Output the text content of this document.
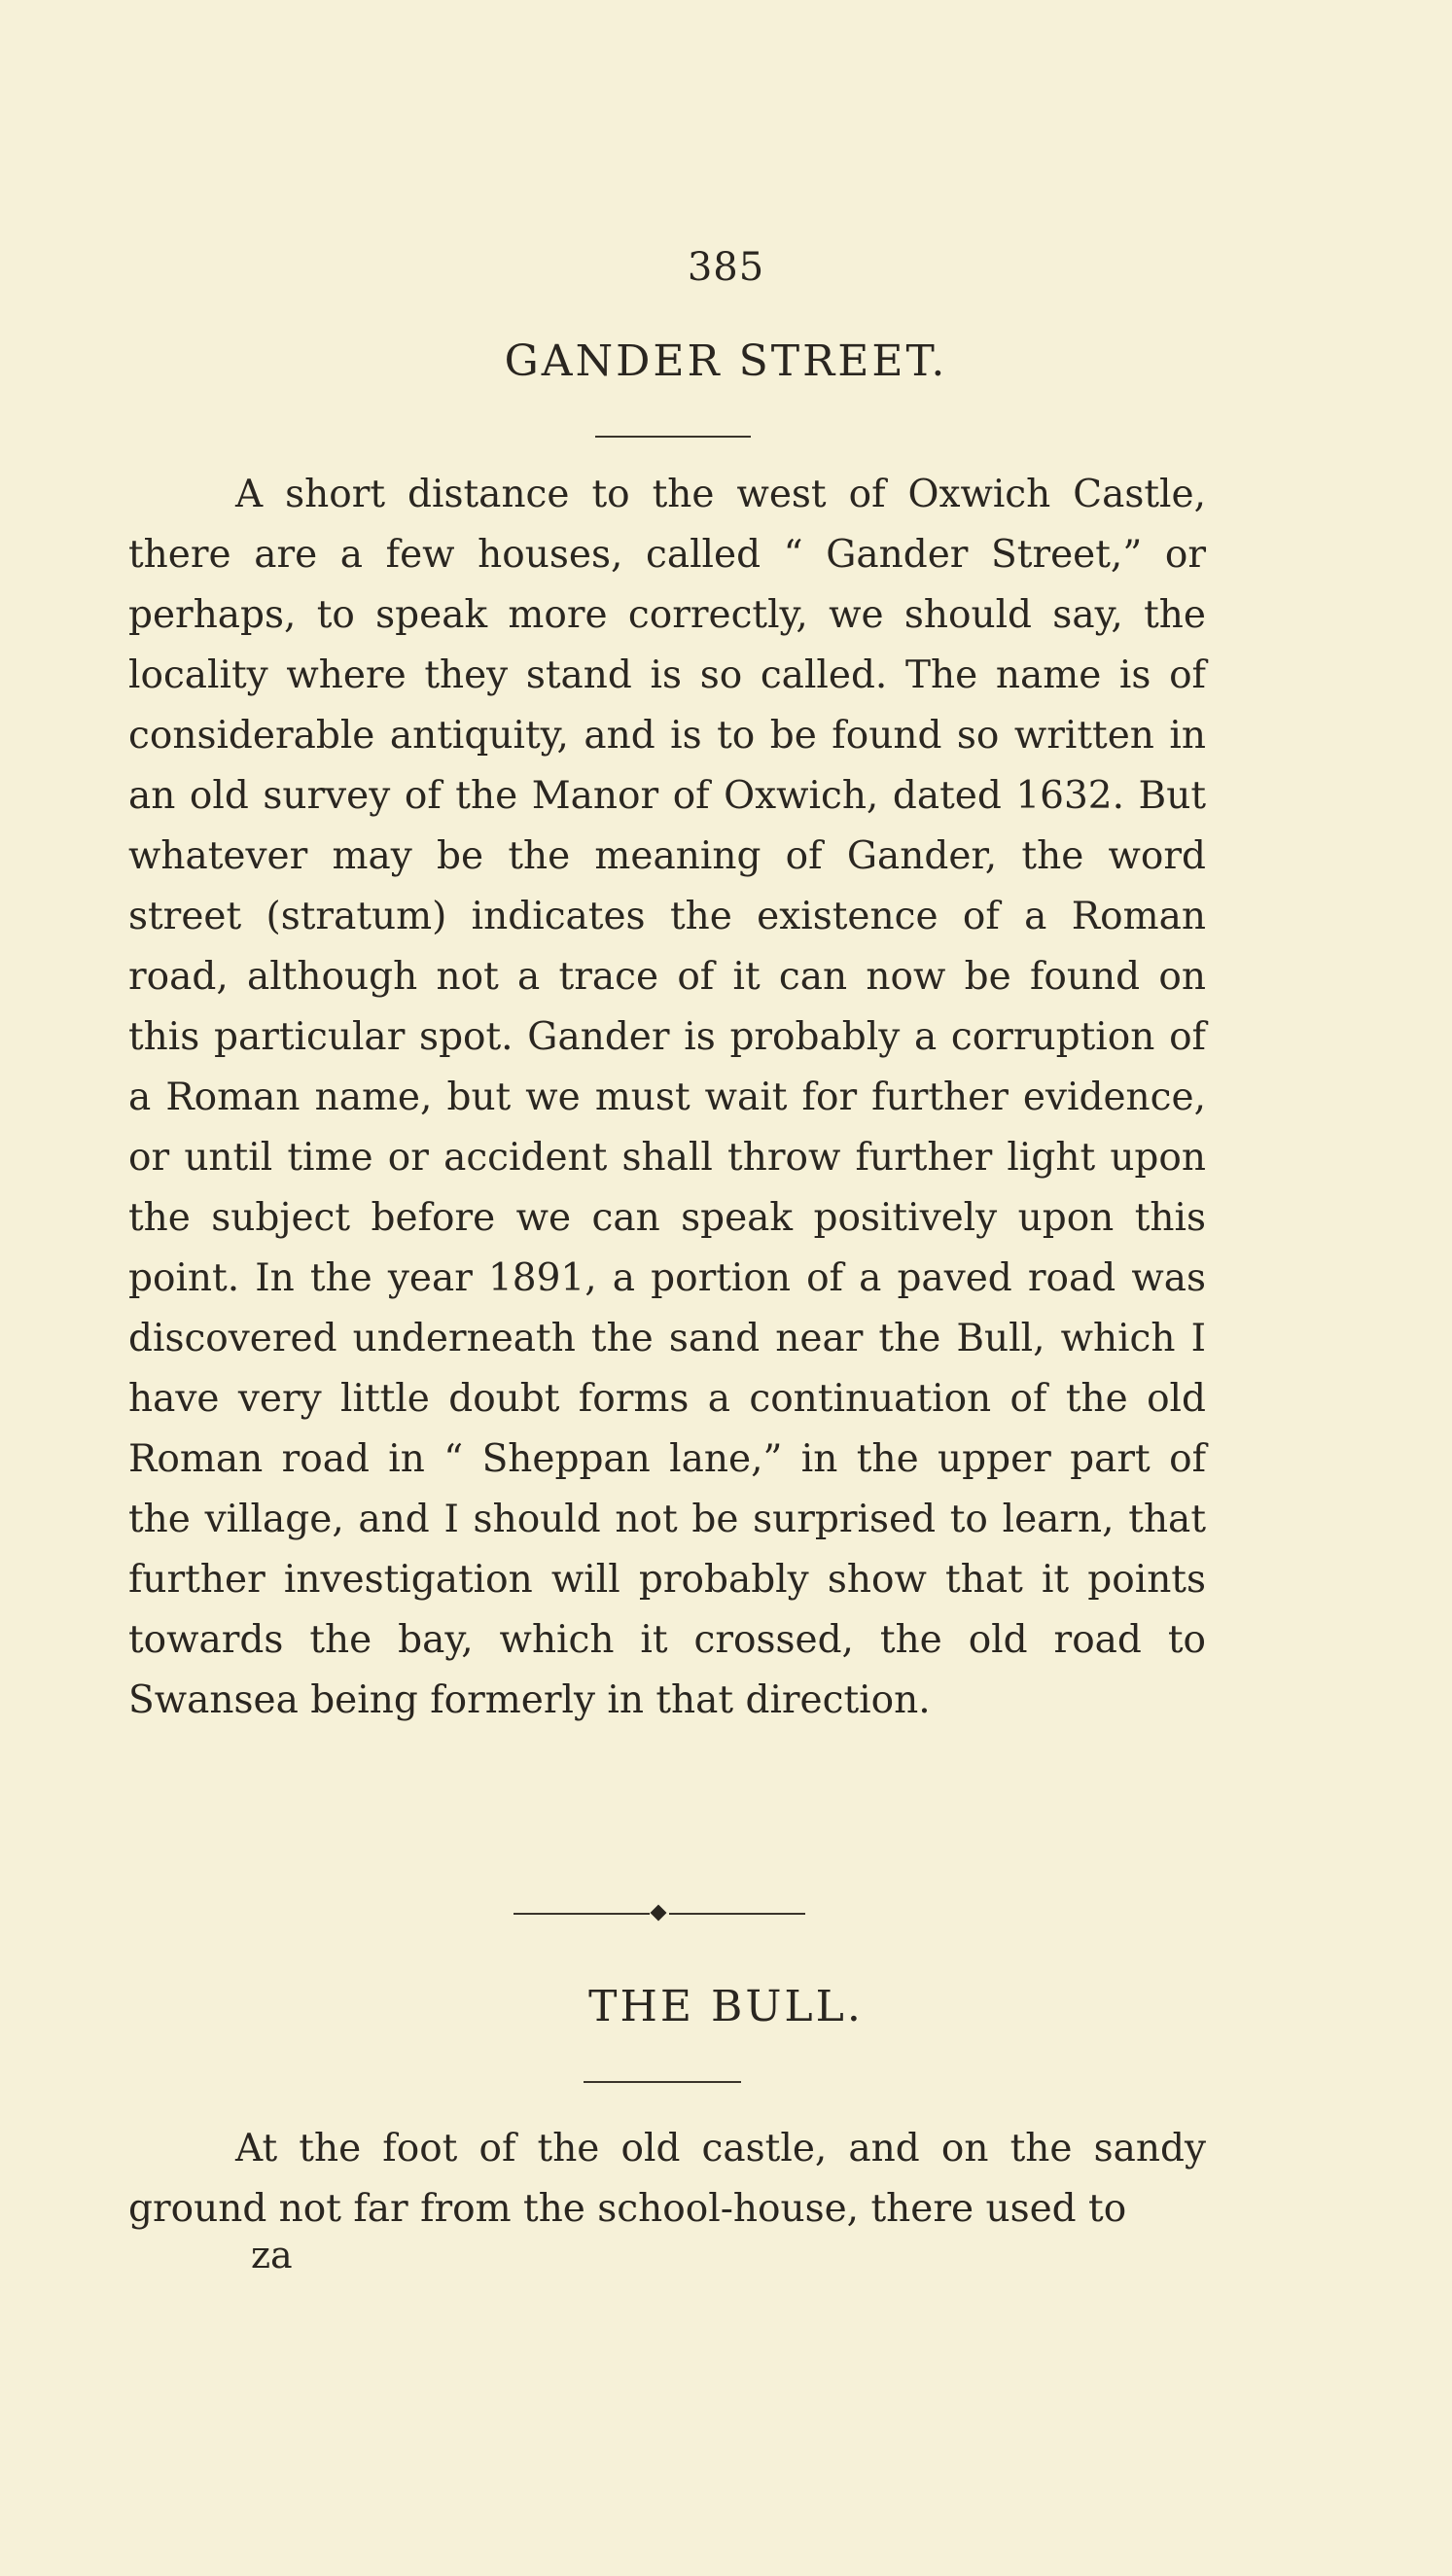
385
GANDER STREET.

A short distance to the west of Oxwich Castle, there are a few houses, called “ Gander Street,” or perhaps, to speak more correctly, we should say, the locality where they stand is so called. The name is of considerable antiquity, and is to be found so written in an old survey of the Manor of Oxwich, dated 1632. But whatever may be the meaning of Gander, the word street (stratum) indicates the existence of a Roman road, although not a trace of it can now be found on this particular spot. Gander is probably a corruption of a Roman name, but we must wait for further evidence, or until time or accident shall throw further light upon the subject before we can speak positively upon this point. In the year 1891, a portion of a paved road was discovered underneath the sand near the Bull, which I have very little doubt forms a continuation of the old Roman road in “ Sheppan lane,” in the upper part of the village, and I should not be surprised to learn, that further investigation will probably show that it points towards the bay, which it crossed, the old road to Swansea being formerly in that direction.

THE BULL.

At the foot of the old castle, and on the sandy ground not far from the school-house, there used to

za
